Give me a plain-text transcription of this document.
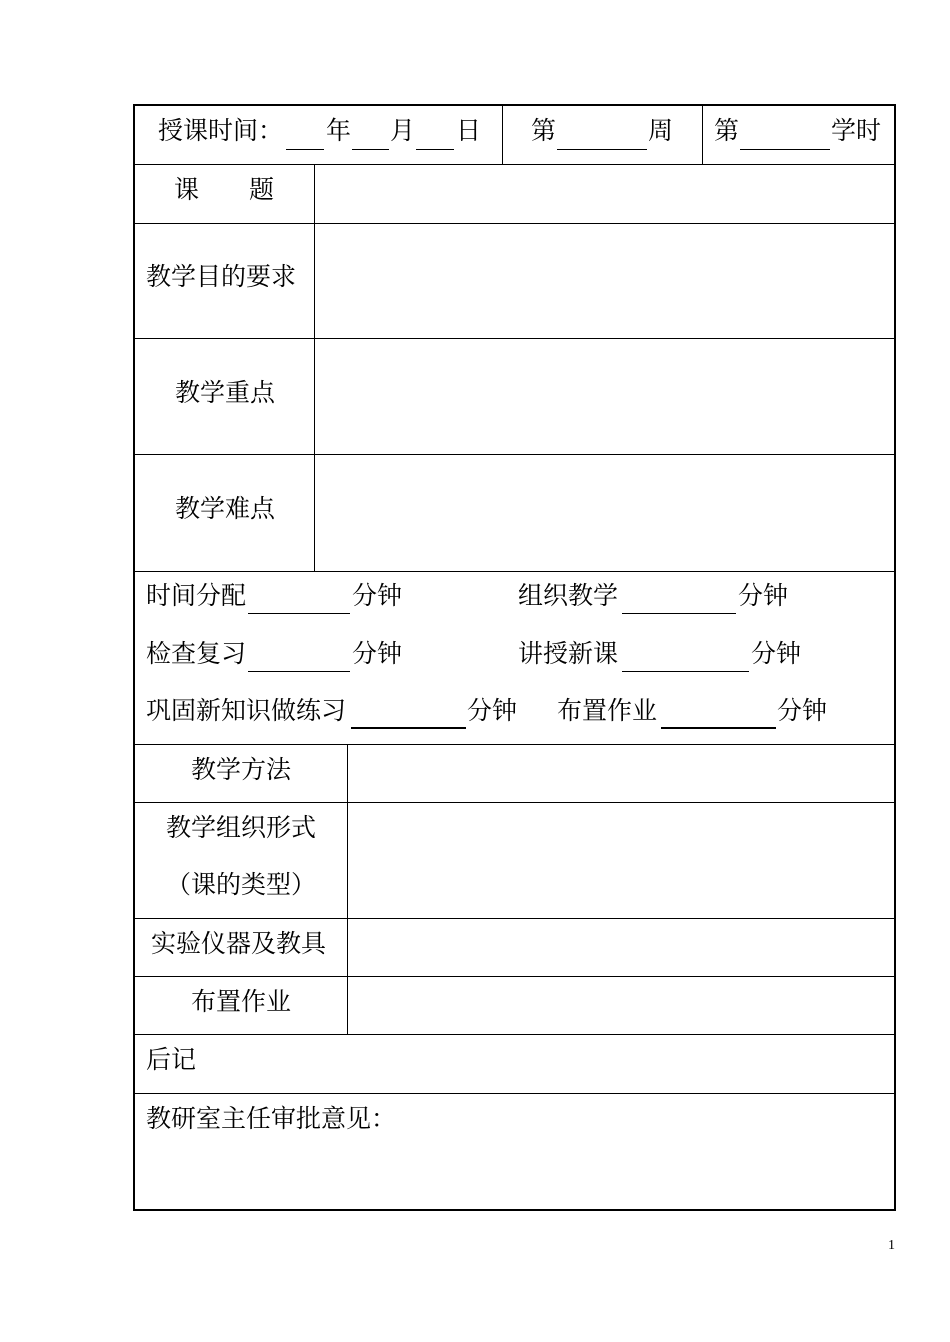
授课时间： 年 月 日 第	周 第	学时
课　　题
教学目的要求
教学重点
教学难点
时间分配	分钟	组织教学	分钟
检查复习	分钟	讲授新课	分钟
巩固新知识做练习	分钟 布置作业	分钟
教学方法
教学组织形式
（课的类型）
实验仪器及教具
布置作业
后记
教研室主任审批意见：
1
